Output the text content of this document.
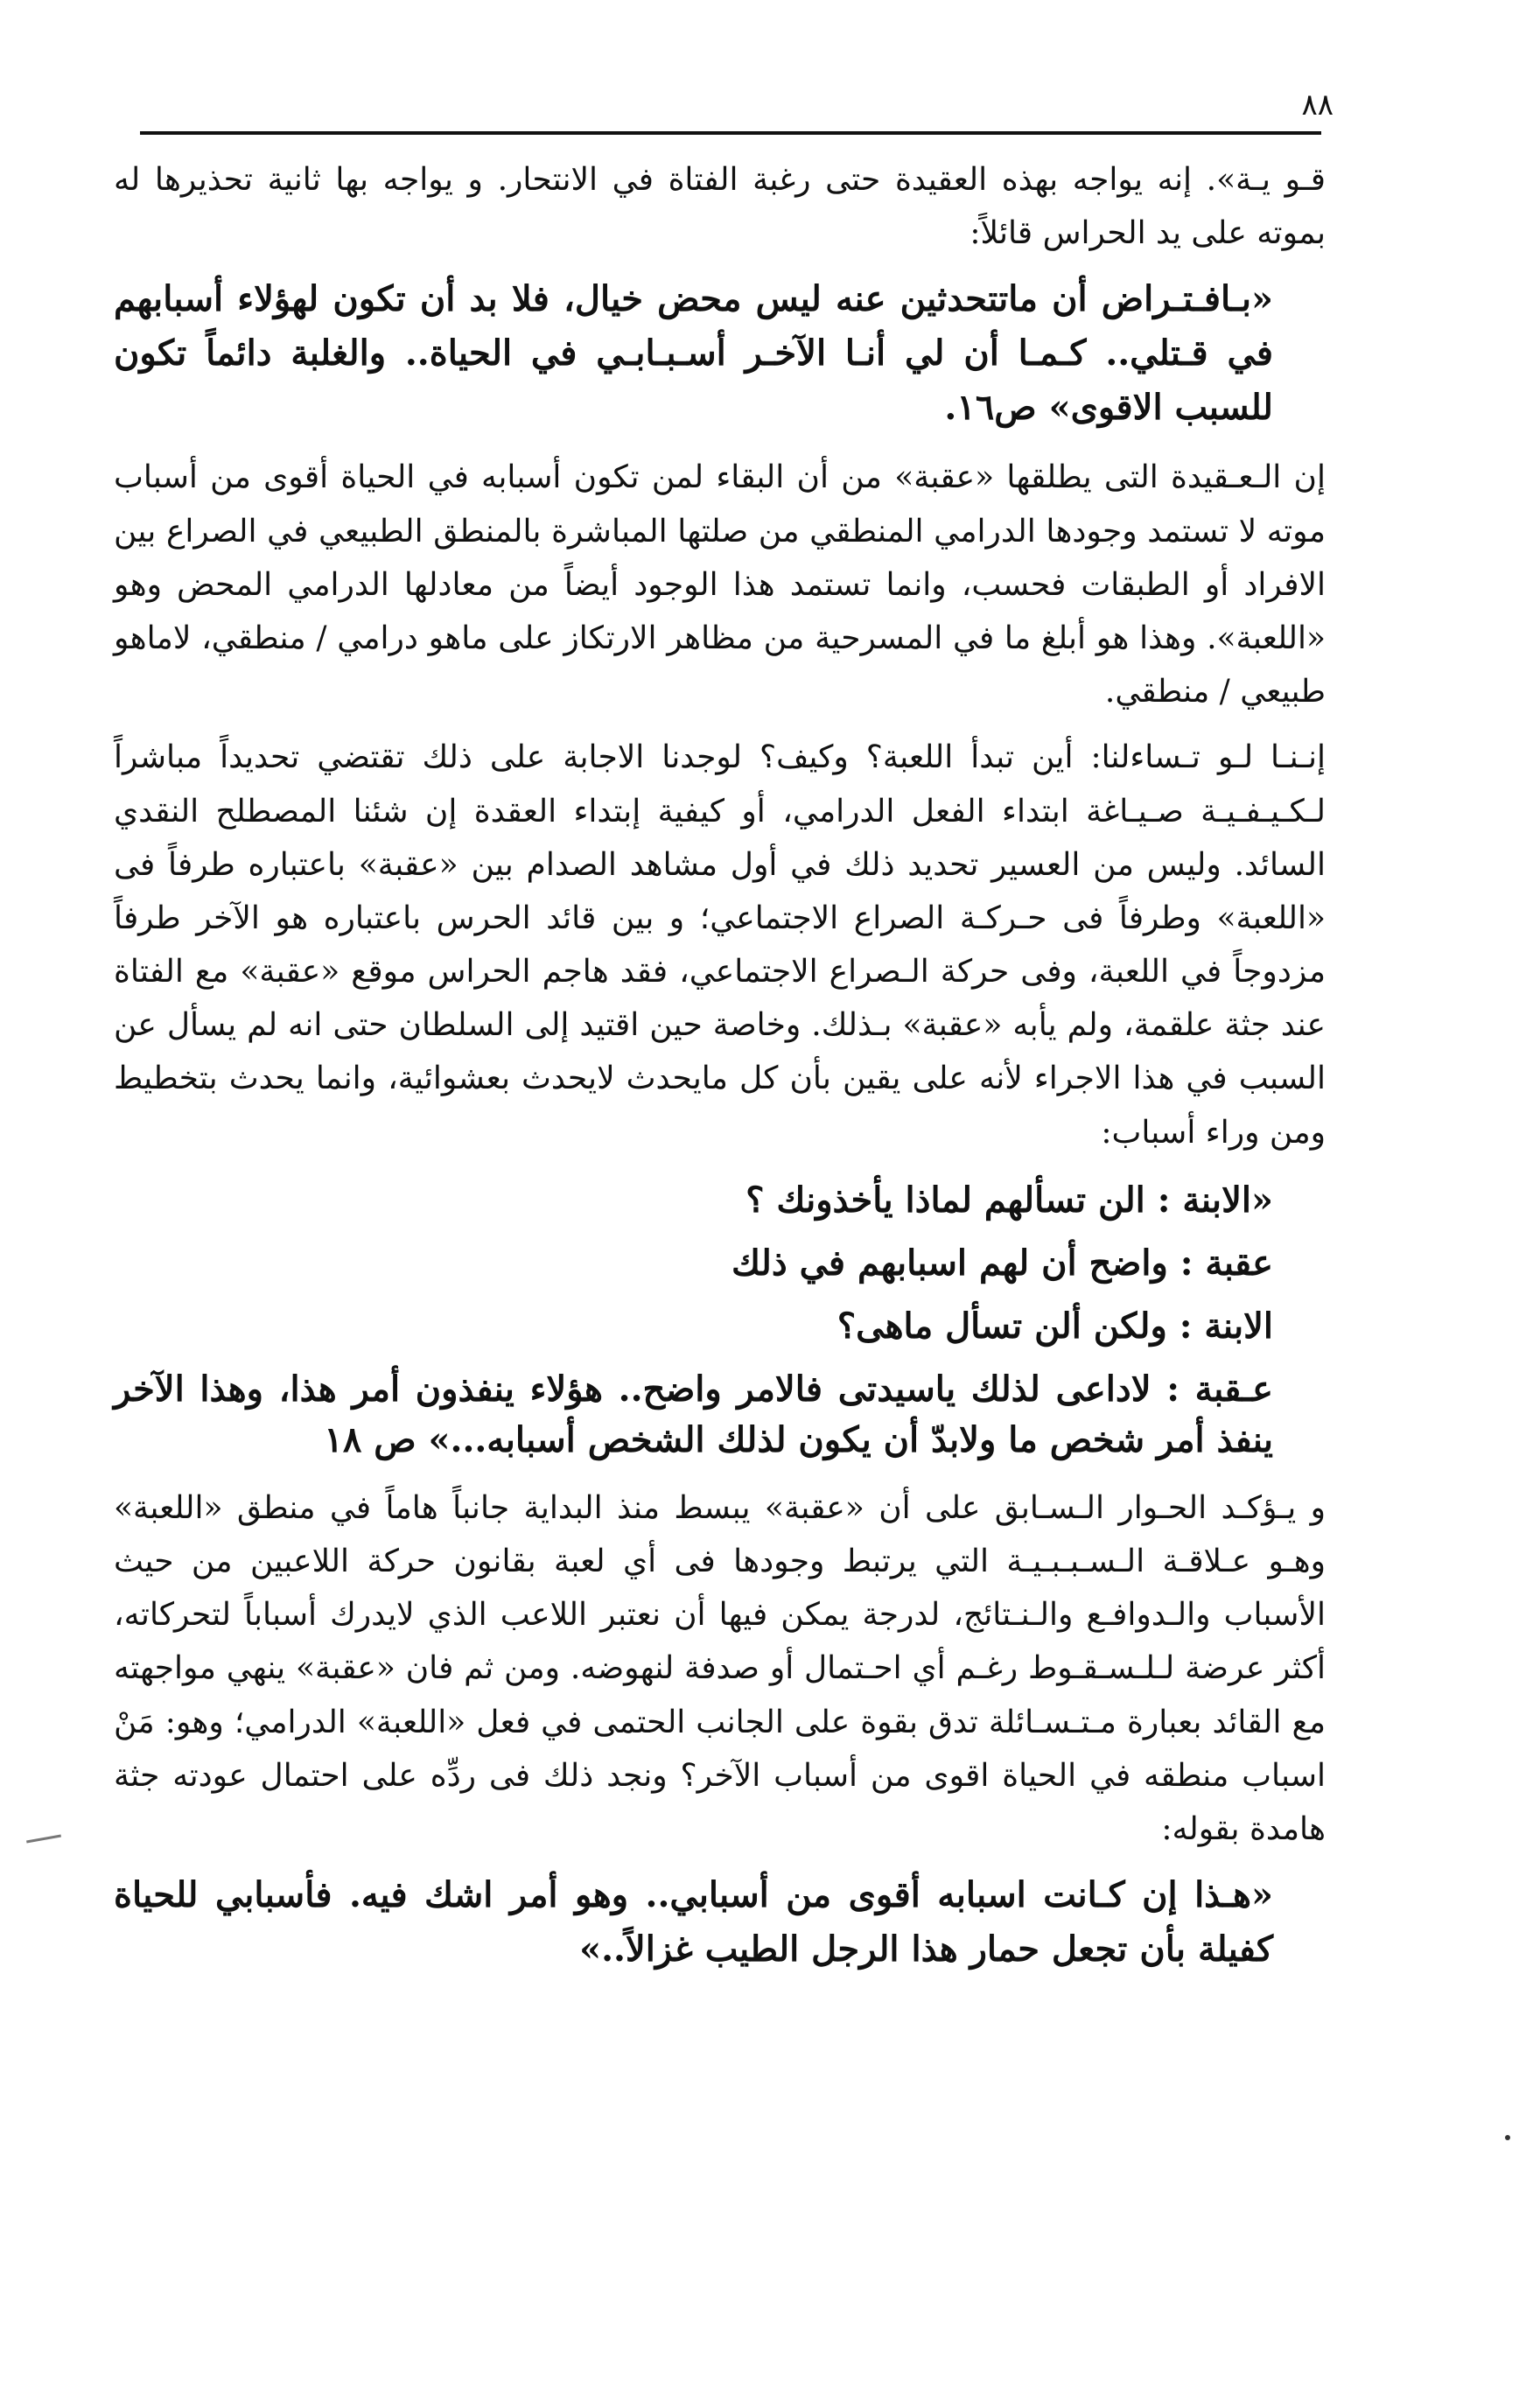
٨٨

قـو يـة». إنه يواجه بهذه العقيدة حتى رغبة الفتاة في الانتحار. و يواجه بها ثانية تحذيرها له بموته على يد الحراس قائلاً:

«بـافـتـراض أن ماتتحدثين عنه ليس محض خيال، فلا بد أن تكون لهؤلاء أسبابهم في قـتلي.. كـمـا أن لي أنـا الآخـر أسـبـابـي في الحياة.. والغلبة دائماً تكون للسبب الاقوى» ص١٦.

إن الـعـقيدة التى يطلقها «عقبة» من أن البقاء لمن تكون أسبابه في الحياة أقوى من أسباب موته لا تستمد وجودها الدرامي المنطقي من صلتها المباشرة بالمنطق الطبيعي في الصراع بين الافراد أو الطبقات فحسب، وانما تستمد هذا الوجود أيضاً من معادلها الدرامي المحض وهو «اللعبة». وهذا هو أبلغ ما في المسرحية من مظاهر الارتكاز على ماهو درامي / منطقي، لاماهو طبيعي / منطقي.

إنـنـا لـو تـساءلنا: أين تبدأ اللعبة؟ وكيف؟ لوجدنا الاجابة على ذلك تقتضي تحديداً مباشراً لـكـيـفـيـة صـيـاغة ابتداء الفعل الدرامي، أو كيفية إبتداء العقدة إن شئنا المصطلح النقدي السائد. وليس من العسير تحديد ذلك في أول مشاهد الصدام بين «عقبة» باعتباره طرفاً فى «اللعبة» وطرفاً فى حـركـة الصراع الاجتماعي؛ و بين قائد الحرس باعتباره هو الآخر طرفاً مزدوجاً في اللعبة، وفى حركة الـصراع الاجتماعي، فقد هاجم الحراس موقع «عقبة» مع الفتاة عند جثة علقمة، ولم يأبه «عقبة» بـذلك. وخاصة حين اقتيد إلى السلطان حتى انه لم يسأل عن السبب في هذا الاجراء لأنه على يقين بأن كل مايحدث لايحدث بعشوائية، وانما يحدث بتخطيط ومن وراء أسباب:

«الابنة : الن تسألهم لماذا يأخذونك ؟

عقبة : واضح أن لهم اسبابهم في ذلك

الابنة : ولكن ألن تسأل ماهى؟

عـقبة : لاداعى لذلك ياسيدتى فالامر واضح.. هؤلاء ينفذون أمر هذا، وهذا الآخر ينفذ أمر شخص ما ولابدّ أن يكون لذلك الشخص أسبابه...» ص ١٨

و يـؤكـد الحـوار الـسـابق على أن «عقبة» يبسط منذ البداية جانباً هاماً في منطق «اللعبة» وهـو عـلاقـة الـسـبـبـيـة التي يرتبط وجودها فى أي لعبة بقانون حركة اللاعبين من حيث الأسباب والـدوافـع والـنـتائج، لدرجة يمكن فيها أن نعتبر اللاعب الذي لايدرك أسباباً لتحركاته، أكثر عرضة لـلـسـقـوط رغـم أي احـتمال أو صدفة لنهوضه. ومن ثم فان «عقبة» ينهي مواجهته مع القائد بعبارة مـتـسـائلة تدق بقوة على الجانب الحتمى في فعل «اللعبة» الدرامي؛ وهو: مَنْ اسباب منطقه في الحياة اقوى من أسباب الآخر؟ ونجد ذلك فى ردِّه على احتمال عودته جثة هامدة بقوله:

«هـذا إن كـانت اسبابه أقوى من أسبابي.. وهو أمر اشك فيه. فأسبابي للحياة كفيلة بأن تجعل حمار هذا الرجل الطيب غزالاً..»
